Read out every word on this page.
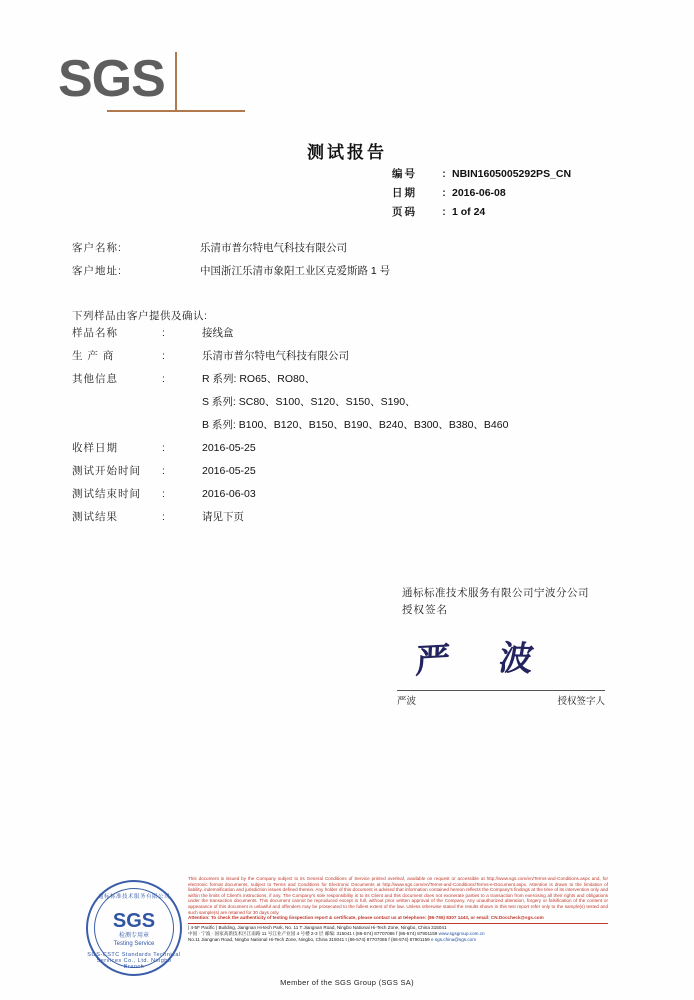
SGS
测试报告
编号	: NBIN1605005292PS_CN
日期	: 2016-06-08
页码	: 1 of 24
客户名称:	乐清市普尔特电气科技有限公司
客户地址:	中国浙江乐清市象阳工业区克爱斯路 1 号
下列样品由客户提供及确认:
样品名称	:	接线盒
生 产 商	:	乐清市普尔特电气科技有限公司
其他信息	:	R 系列: RO65、RO80、
S 系列: SC80、S100、S120、S150、S190、
B 系列: B100、B120、B150、B190、B240、B300、B380、B460
收样日期	:	2016-05-25
测试开始时间	:	2016-05-25
测试结束时间	:	2016-06-03
测试结果	:	请见下页
通标标准技术服务有限公司宁波分公司
授权签名
严 波
严波	授权签字人
通标标准技术服务有限公司
SGS
检测专用章
Testing Service
SGS-CSTC Standards Technical Services Co., Ltd. Ningbo Branch
This document is issued by the Company subject to its General Conditions of Service printed overleaf, available on request or accessible at http://www.sgs.com/en/Terms-and-Conditions.aspx and, for electronic format documents, subject to Terms and Conditions for Electronic Documents at http://www.sgs.com/en/Terms-and-Conditions/Terms-e-Document.aspx. Attention is drawn to the limitation of liability, indemnification and jurisdiction issues defined therein. Any holder of this document is advised that information contained hereon reflects the Company's findings at the time of its intervention only and within the limits of Client's instructions, if any. The Company's sole responsibility is to its Client and this document does not exonerate parties to a transaction from exercising all their rights and obligations under the transaction documents. This document cannot be reproduced except in full, without prior written approval of the Company. Any unauthorized alteration, forgery or falsification of the content or appearance of this document is unlawful and offenders may be prosecuted to the fullest extent of the law. Unless otherwise stated the results shown in this test report refer only to the sample(s) tested and such sample(s) are retained for 30 days only.
Attention: To check the authenticity of testing /inspection report & certificate, please contact us at telephone: (86-755) 8307 1443, or email: CN.Doccheck@sgs.com
| 4-5F Pacific | Building, Jiangnan Hi-tech Park, No. 11 T Jiangnan Road, Ningbo National Hi-Tech Zone, Ningbo, China 315041
中国 · 宁波 · 国家高新技术区江南路 11 号江业产业园 4 号楼 2-3 层 邮编: 315041 t (86-574) 87707086 f (86-574) 87901159 www.sgsgroup.com.cn
No.11 Jiangnan Road, Ningbo National Hi-Tech Zone, Ningbo, China 315041 t (86-574) 87707086 f (86-574) 87901159 e sgs.china@sgs.com
Member of the SGS Group (SGS SA)
